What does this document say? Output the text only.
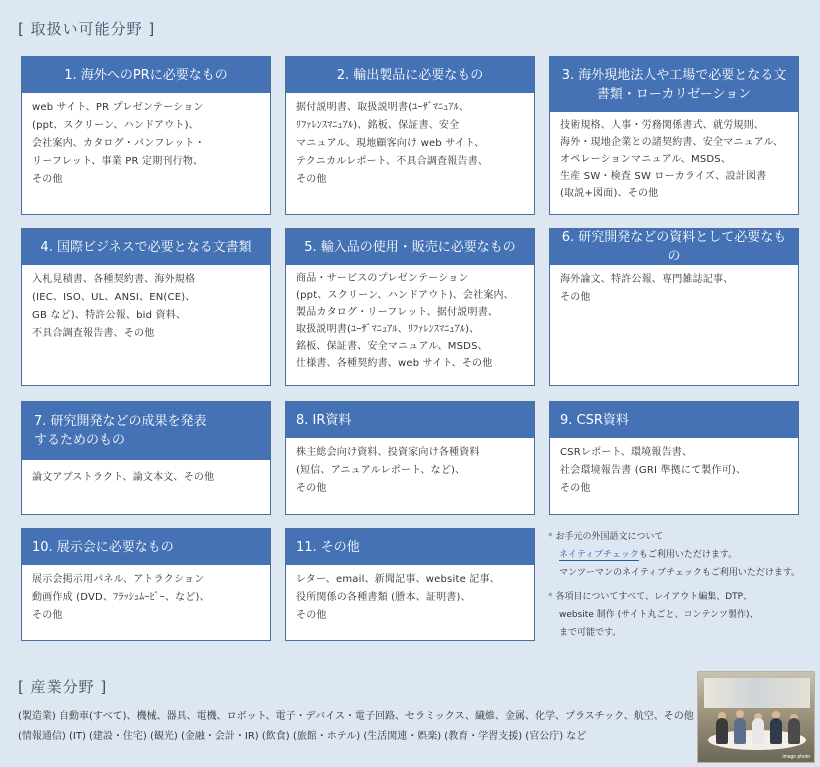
[ 取扱い可能分野 ]
1. 海外へのPRに必要なもの
web サイト、PR プレゼンテーション
(ppt、スクリーン、ハンドアウト)、
会社案内、カタログ・パンフレット・
リーフレット、事業 PR 定期刊行物、
その他
2. 輸出製品に必要なもの
据付説明書、取扱説明書(ﾕｰｻﾞﾏﾆｭｱﾙ、
ﾘﾌｧﾚﾝｽﾏﾆｭｱﾙ)、銘板、保証書、安全
マニュアル、現地顧客向け web サイト、
テクニカルレポート、不具合調査報告書、
その他
3. 海外現地法人や工場で必要となる文書類・ローカリゼーション
技術規格、人事・労務関係書式、就労規則、
海外・現地企業との諸契約書、安全マニュアル、
オペレーションマニュアル、MSDS、
生産 SW・検査 SW ローカライズ、設計図書
(取説+図面)、その他
4. 国際ビジネスで必要となる文書類
入札見積書、各種契約書、海外規格
(IEC、ISO、UL、ANSI、EN(CE)、
GB など)、特許公報、bid 資料、
不具合調査報告書、その他
5. 輸入品の使用・販売に必要なもの
商品・サービスのプレゼンテーション
(ppt、スクリーン、ハンドアウト)、会社案内、
製品カタログ・リーフレット、据付説明書、
取扱説明書(ﾕｰｻﾞﾏﾆｭｱﾙ、ﾘﾌｧﾚﾝｽﾏﾆｭｱﾙ)、
銘板、保証書、安全マニュアル、MSDS、
仕様書、各種契約書、web サイト、その他
6. 研究開発などの資料として必要なもの
海外論文、特許公報、専門雑誌記事、
その他
7. 研究開発などの成果を発表するためのもの
論文アブストラクト、論文本文、その他
8. IR資料
株主総会向け資料、投資家向け各種資料
(短信、アニュアルレポート、など)、
その他
9. CSR資料
CSRレポート、環境報告書、
社会環境報告書 (GRI 準拠にて製作可)、
その他
10. 展示会に必要なもの
展示会掲示用パネル、アトラクション
動画作成 (DVD、ﾌﾗｯｼｭﾑｰﾋﾞｰ、など)、
その他
11. その他
レター、email、新聞記事、website 記事、
役所関係の各種書類 (謄本、証明書)、
その他
* お手元の外国語文について
ネイティブチェックもご利用いただけます。
マンツーマンのネイティブチェックもご利用いただけます。
* 各項目についてすべて、レイアウト編集、DTP、
website 制作 (サイト丸ごと、コンテンツ製作)、
まで可能です。
[ 産業分野 ]
(製造業) 自動車(すべて)、機械、器具、電機、ロボット、電子・デバイス・電子回路、セラミックス、繊維、金属、化学、プラスチック、航空、その他
(情報通信) (IT) (建設・住宅) (観光) (金融・会計・IR) (飲食) (旅館・ホテル) (生活関連・娯楽) (教育・学習支援) (官公庁) など
image photo
